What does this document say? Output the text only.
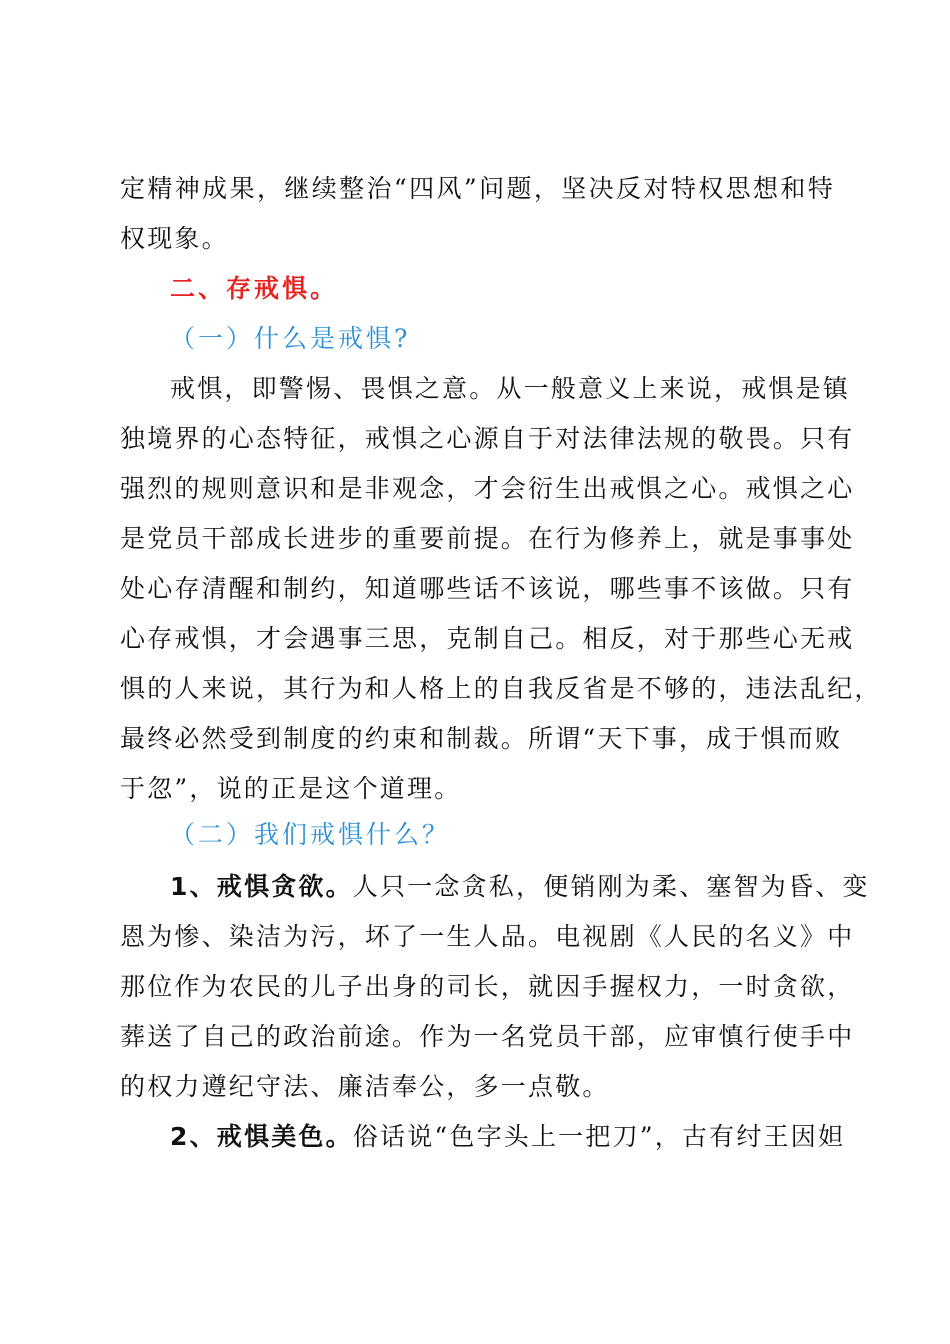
定精神成果，继续整治“四风”问题，坚决反对特权思想和特
权现象。
二、存戒惧。
（一）什么是戒惧?
戒惧，即警惕、畏惧之意。从一般意义上来说，戒惧是镇
独境界的心态特征，戒惧之心源自于对法律法规的敬畏。只有
强烈的规则意识和是非观念，才会衍生出戒惧之心。戒惧之心
是党员干部成长进步的重要前提。在行为修养上，就是事事处
处心存清醒和制约，知道哪些话不该说，哪些事不该做。只有
心存戒惧，才会遇事三思，克制自己。相反，对于那些心无戒
惧的人来说，其行为和人格上的自我反省是不够的，违法乱纪，
最终必然受到制度的约束和制裁。所谓“天下事，成于惧而败
于忽”，说的正是这个道理。
（二）我们戒惧什么？
1、戒惧贪欲。人只一念贪私，便销刚为柔、塞智为昏、变
恩为惨、染洁为污，坏了一生人品。电视剧《人民的名义》中
那位作为农民的儿子出身的司长，就因手握权力，一时贪欲，
葬送了自己的政治前途。作为一名党员干部，应审慎行使手中
的权力遵纪守法、廉洁奉公，多一点敬。
2、戒惧美色。俗话说“色字头上一把刀”，古有纣王因妲
